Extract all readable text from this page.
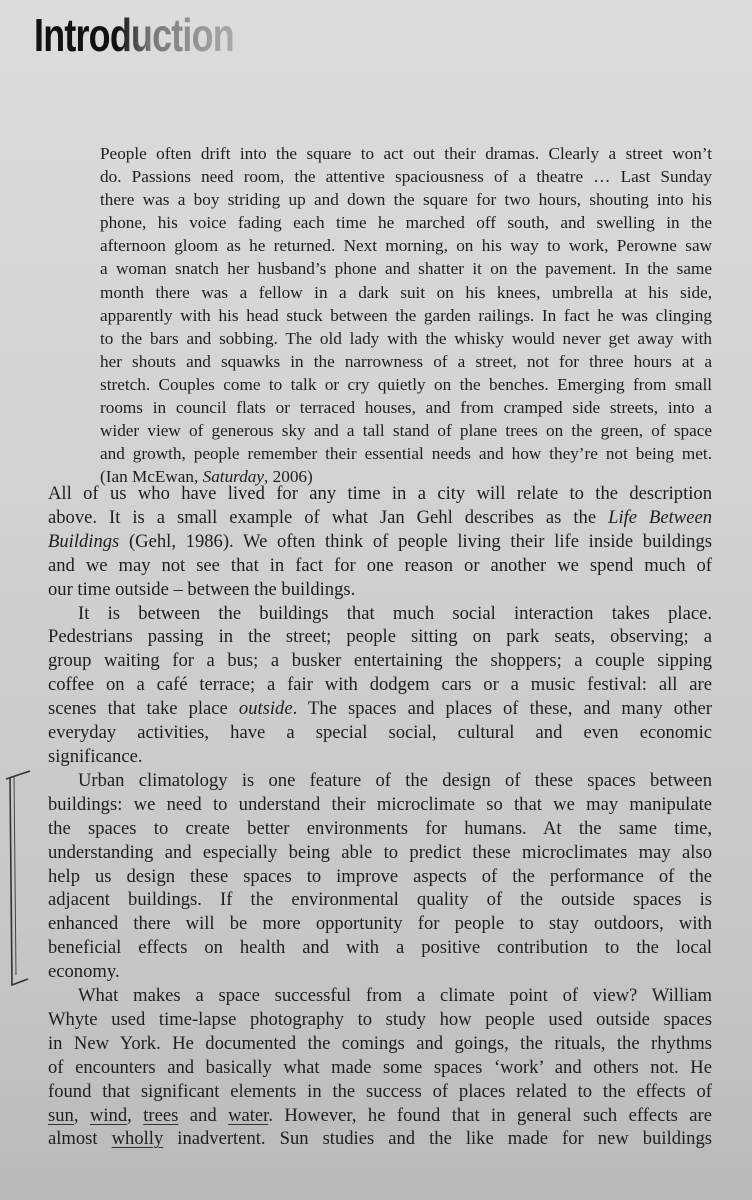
Introduction
People often drift into the square to act out their dramas. Clearly a street won’t
do. Passions need room, the attentive spaciousness of a theatre … Last Sunday
there was a boy striding up and down the square for two hours, shouting into his
phone, his voice fading each time he marched off south, and swelling in the
afternoon gloom as he returned. Next morning, on his way to work, Perowne saw
a woman snatch her husband’s phone and shatter it on the pavement. In the same
month there was a fellow in a dark suit on his knees, umbrella at his side,
apparently with his head stuck between the garden railings. In fact he was clinging
to the bars and sobbing. The old lady with the whisky would never get away with
her shouts and squawks in the narrowness of a street, not for three hours at a
stretch. Couples come to talk or cry quietly on the benches. Emerging from small
rooms in council flats or terraced houses, and from cramped side streets, into a
wider view of generous sky and a tall stand of plane trees on the green, of space
and growth, people remember their essential needs and how they’re not being met.
(Ian McEwan, Saturday, 2006)
All of us who have lived for any time in a city will relate to the description
above. It is a small example of what Jan Gehl describes as the Life Between
Buildings (Gehl, 1986). We often think of people living their life inside buildings
and we may not see that in fact for one reason or another we spend much of
our time outside – between the buildings.
It is between the buildings that much social interaction takes place.
Pedestrians passing in the street; people sitting on park seats, observing; a
group waiting for a bus; a busker entertaining the shoppers; a couple sipping
coffee on a café terrace; a fair with dodgem cars or a music festival: all are
scenes that take place outside. The spaces and places of these, and many other
everyday activities, have a special social, cultural and even economic
significance.
Urban climatology is one feature of the design of these spaces between
buildings: we need to understand their microclimate so that we may manipulate
the spaces to create better environments for humans. At the same time,
understanding and especially being able to predict these microclimates may also
help us design these spaces to improve aspects of the performance of the
adjacent buildings. If the environmental quality of the outside spaces is
enhanced there will be more opportunity for people to stay outdoors, with
beneficial effects on health and with a positive contribution to the local
economy.
What makes a space successful from a climate point of view? William
Whyte used time-lapse photography to study how people used outside spaces
in New York. He documented the comings and goings, the rituals, the rhythms
of encounters and basically what made some spaces ‘work’ and others not. He
found that significant elements in the success of places related to the effects of
sun, wind, trees and water. However, he found that in general such effects are
almost wholly inadvertent. Sun studies and the like made for new buildings
